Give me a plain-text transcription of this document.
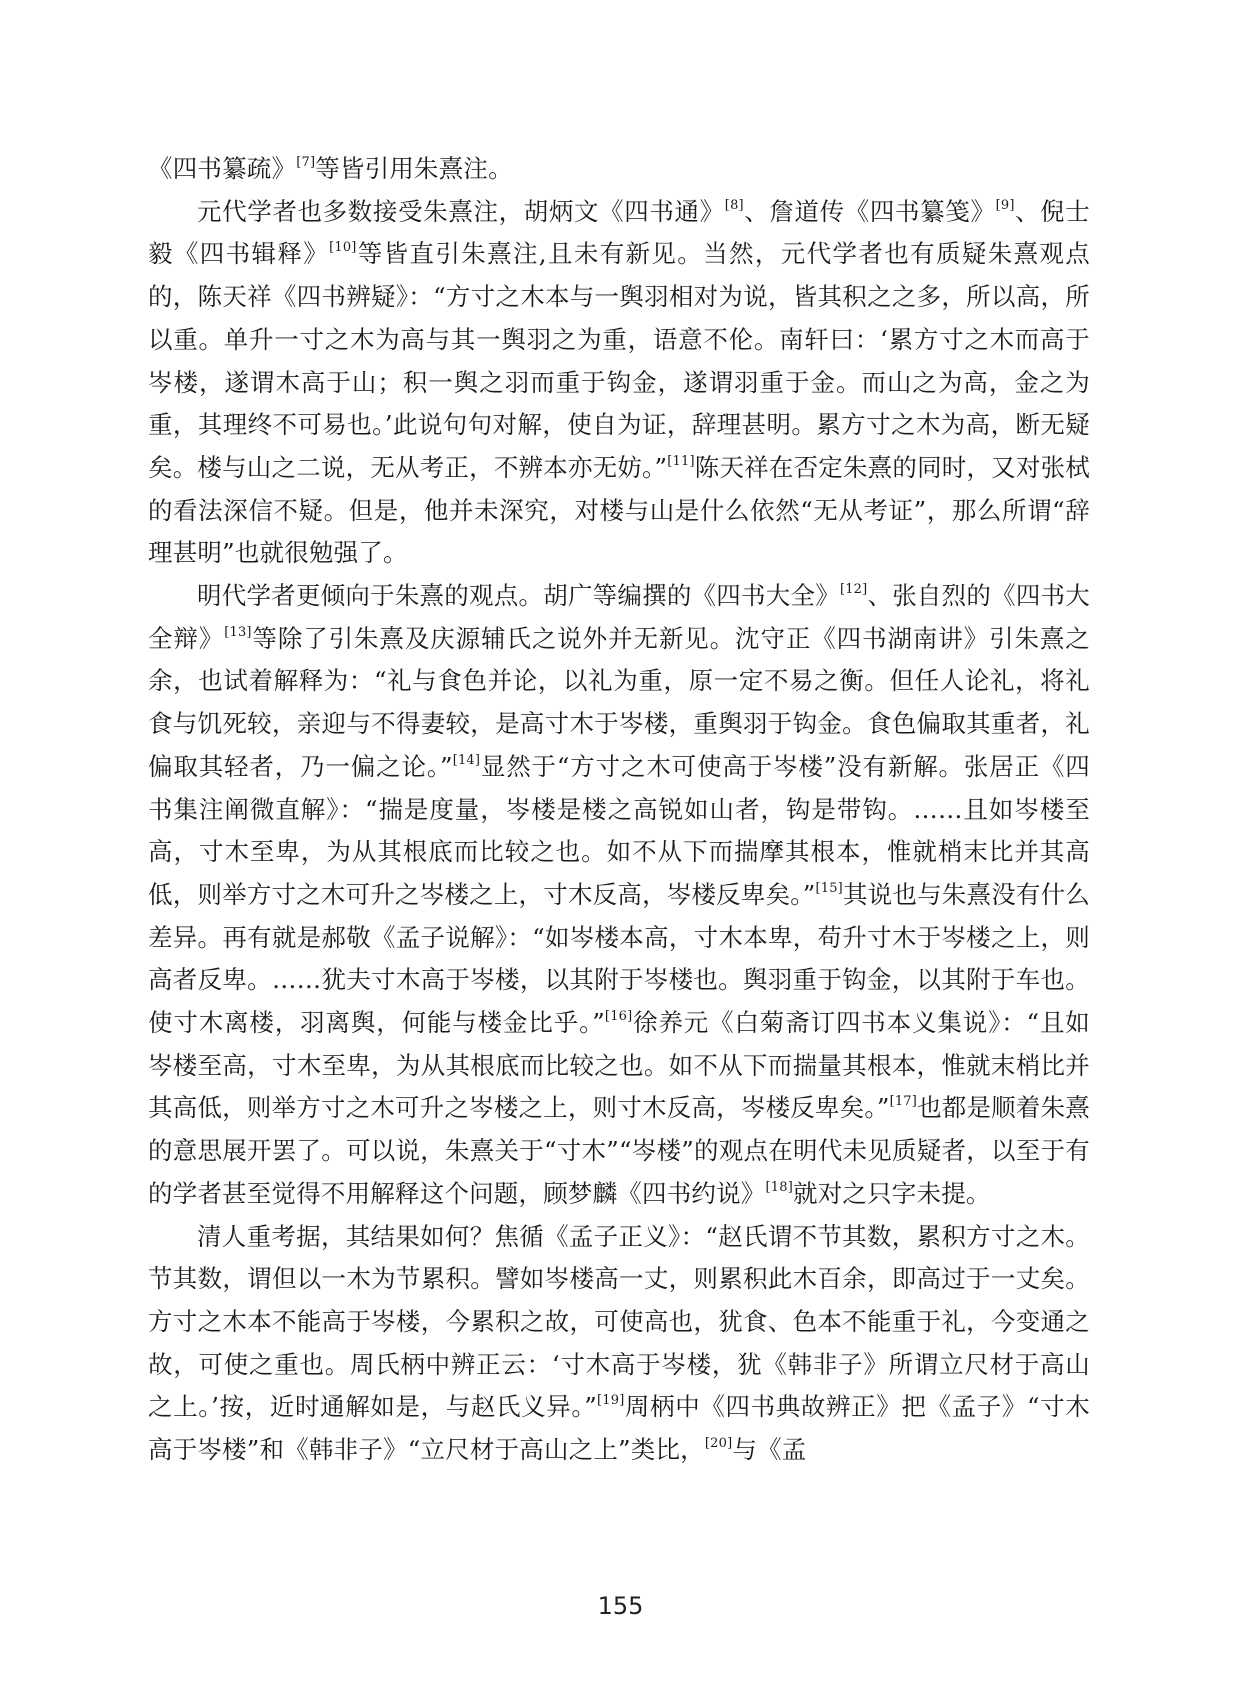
《四书纂疏》[7]等皆引用朱熹注。

元代学者也多数接受朱熹注，胡炳文《四书通》[8]、詹道传《四书纂笺》[9]、倪士毅《四书辑释》[10]等皆直引朱熹注,且未有新见。当然，元代学者也有质疑朱熹观点的，陈天祥《四书辨疑》：“方寸之木本与一舆羽相对为说，皆其积之之多，所以高，所以重。单升一寸之木为高与其一舆羽之为重，语意不伦。南轩曰：‘累方寸之木而高于岑楼，遂谓木高于山；积一舆之羽而重于钩金，遂谓羽重于金。而山之为高，金之为重，其理终不可易也。’此说句句对解，使自为证，辞理甚明。累方寸之木为高，断无疑矣。楼与山之二说，无从考正，不辨本亦无妨。”[11]陈天祥在否定朱熹的同时，又对张栻的看法深信不疑。但是，他并未深究，对楼与山是什么依然“无从考证”，那么所谓“辞理甚明”也就很勉强了。

明代学者更倾向于朱熹的观点。胡广等编撰的《四书大全》[12]、张自烈的《四书大全辩》[13]等除了引朱熹及庆源辅氏之说外并无新见。沈守正《四书湖南讲》引朱熹之余，也试着解释为：“礼与食色并论，以礼为重，原一定不易之衡。但任人论礼，将礼食与饥死较，亲迎与不得妻较，是高寸木于岑楼，重舆羽于钩金。食色偏取其重者，礼偏取其轻者，乃一偏之论。”[14]显然于“方寸之木可使高于岑楼”没有新解。张居正《四书集注阐微直解》：“揣是度量，岑楼是楼之高锐如山者，钩是带钩。……且如岑楼至高，寸木至卑，为从其根底而比较之也。如不从下而揣摩其根本，惟就梢末比并其高低，则举方寸之木可升之岑楼之上，寸木反高，岑楼反卑矣。”[15]其说也与朱熹没有什么差异。再有就是郝敬《孟子说解》：“如岑楼本高，寸木本卑，苟升寸木于岑楼之上，则高者反卑。……犹夫寸木高于岑楼，以其附于岑楼也。舆羽重于钩金，以其附于车也。使寸木离楼，羽离舆，何能与楼金比乎。”[16]徐养元《白菊斋订四书本义集说》：“且如岑楼至高，寸木至卑，为从其根底而比较之也。如不从下而揣量其根本，惟就末梢比并其高低，则举方寸之木可升之岑楼之上，则寸木反高，岑楼反卑矣。”[17]也都是顺着朱熹的意思展开罢了。可以说，朱熹关于“寸木”“岑楼”的观点在明代未见质疑者，以至于有的学者甚至觉得不用解释这个问题，顾梦麟《四书约说》[18]就对之只字未提。

清人重考据，其结果如何？焦循《孟子正义》：“赵氏谓不节其数，累积方寸之木。节其数，谓但以一木为节累积。譬如岑楼高一丈，则累积此木百余，即高过于一丈矣。方寸之木本不能高于岑楼，今累积之故，可使高也，犹食、色本不能重于礼，今变通之故，可使之重也。周氏柄中辨正云：‘寸木高于岑楼，犹《韩非子》所谓立尺材于高山之上。’按，近时通解如是，与赵氏义异。”[19]周柄中《四书典故辨正》把《孟子》“寸木高于岑楼”和《韩非子》“立尺材于高山之上”类比，[20]与《孟

155
